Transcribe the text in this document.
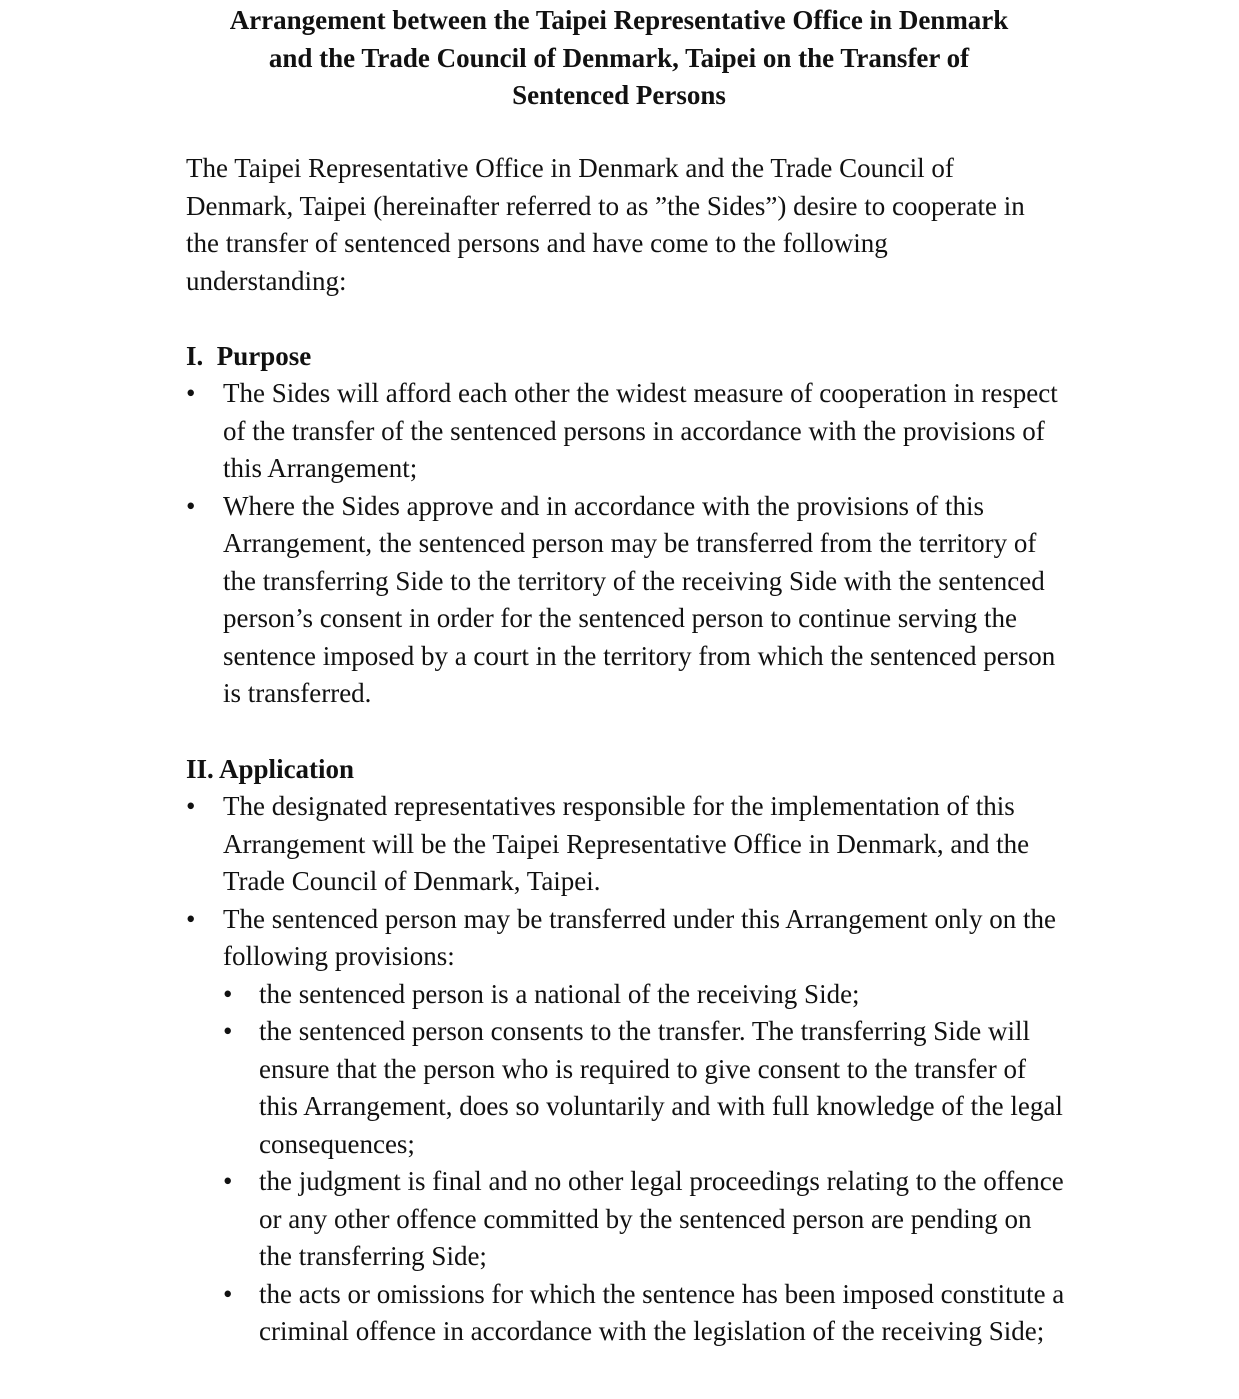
Arrangement between the Taipei Representative Office in Denmark
and the Trade Council of Denmark, Taipei on the Transfer of
Sentenced Persons

The Taipei Representative Office in Denmark and the Trade Council of Denmark, Taipei (hereinafter referred to as ”the Sides”) desire to cooperate in the transfer of sentenced persons and have come to the following understanding:

I. Purpose
•	The Sides will afford each other the widest measure of cooperation in respect of the transfer of the sentenced persons in accordance with the provisions of this Arrangement;
•	Where the Sides approve and in accordance with the provisions of this Arrangement, the sentenced person may be transferred from the territory of the transferring Side to the territory of the receiving Side with the sentenced person’s consent in order for the sentenced person to continue serving the sentence imposed by a court in the territory from which the sentenced person is transferred.
II. Application
•	The designated representatives responsible for the implementation of this Arrangement will be the Taipei Representative Office in Denmark, and the Trade Council of Denmark, Taipei.
•	The sentenced person may be transferred under this Arrangement only on the following provisions:
• the sentenced person is a national of the receiving Side;
• the sentenced person consents to the transfer. The transferring Side will ensure that the person who is required to give consent to the transfer of this Arrangement, does so voluntarily and with full knowledge of the legal consequences;
• the judgment is final and no other legal proceedings relating to the offence or any other offence committed by the sentenced person are pending on the transferring Side;
• the acts or omissions for which the sentence has been imposed constitute a criminal offence in accordance with the legislation of the receiving Side;
